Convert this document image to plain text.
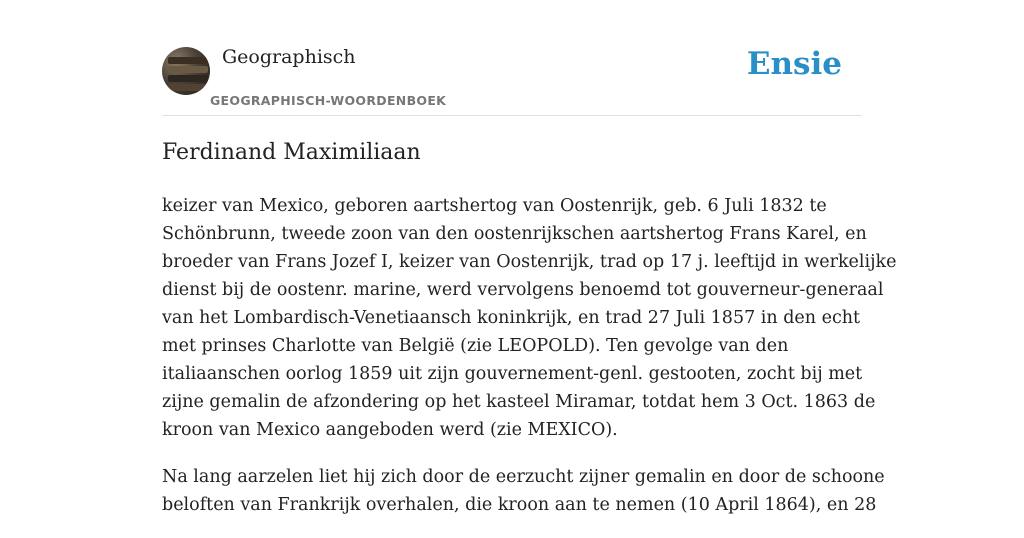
Geographisch
GEOGRAPHISCH-WOORDENBOEK
Ensie
Ferdinand Maximiliaan

keizer van Mexico, geboren aartshertog van Oostenrijk, geb. 6 Juli 1832 te
Schönbrunn, tweede zoon van den oostenrijkschen aartshertog Frans Karel, en
broeder van Frans Jozef I, keizer van Oostenrijk, trad op 17 j. leeftijd in werkelijke
dienst bij de oostenr. marine, werd vervolgens benoemd tot gouverneur-generaal
van het Lombardisch-Venetiaansch koninkrijk, en trad 27 Juli 1857 in den echt
met prinses Charlotte van België (zie LEOPOLD). Ten gevolge van den
italiaanschen oorlog 1859 uit zijn gouvernement-genl. gestooten, zocht bij met
zijne gemalin de afzondering op het kasteel Miramar, totdat hem 3 Oct. 1863 de
kroon van Mexico aangeboden werd (zie MEXICO).

Na lang aarzelen liet hij zich door de eerzucht zijner gemalin en door de schoone
beloften van Frankrijk overhalen, die kroon aan te nemen (10 April 1864), en 28
